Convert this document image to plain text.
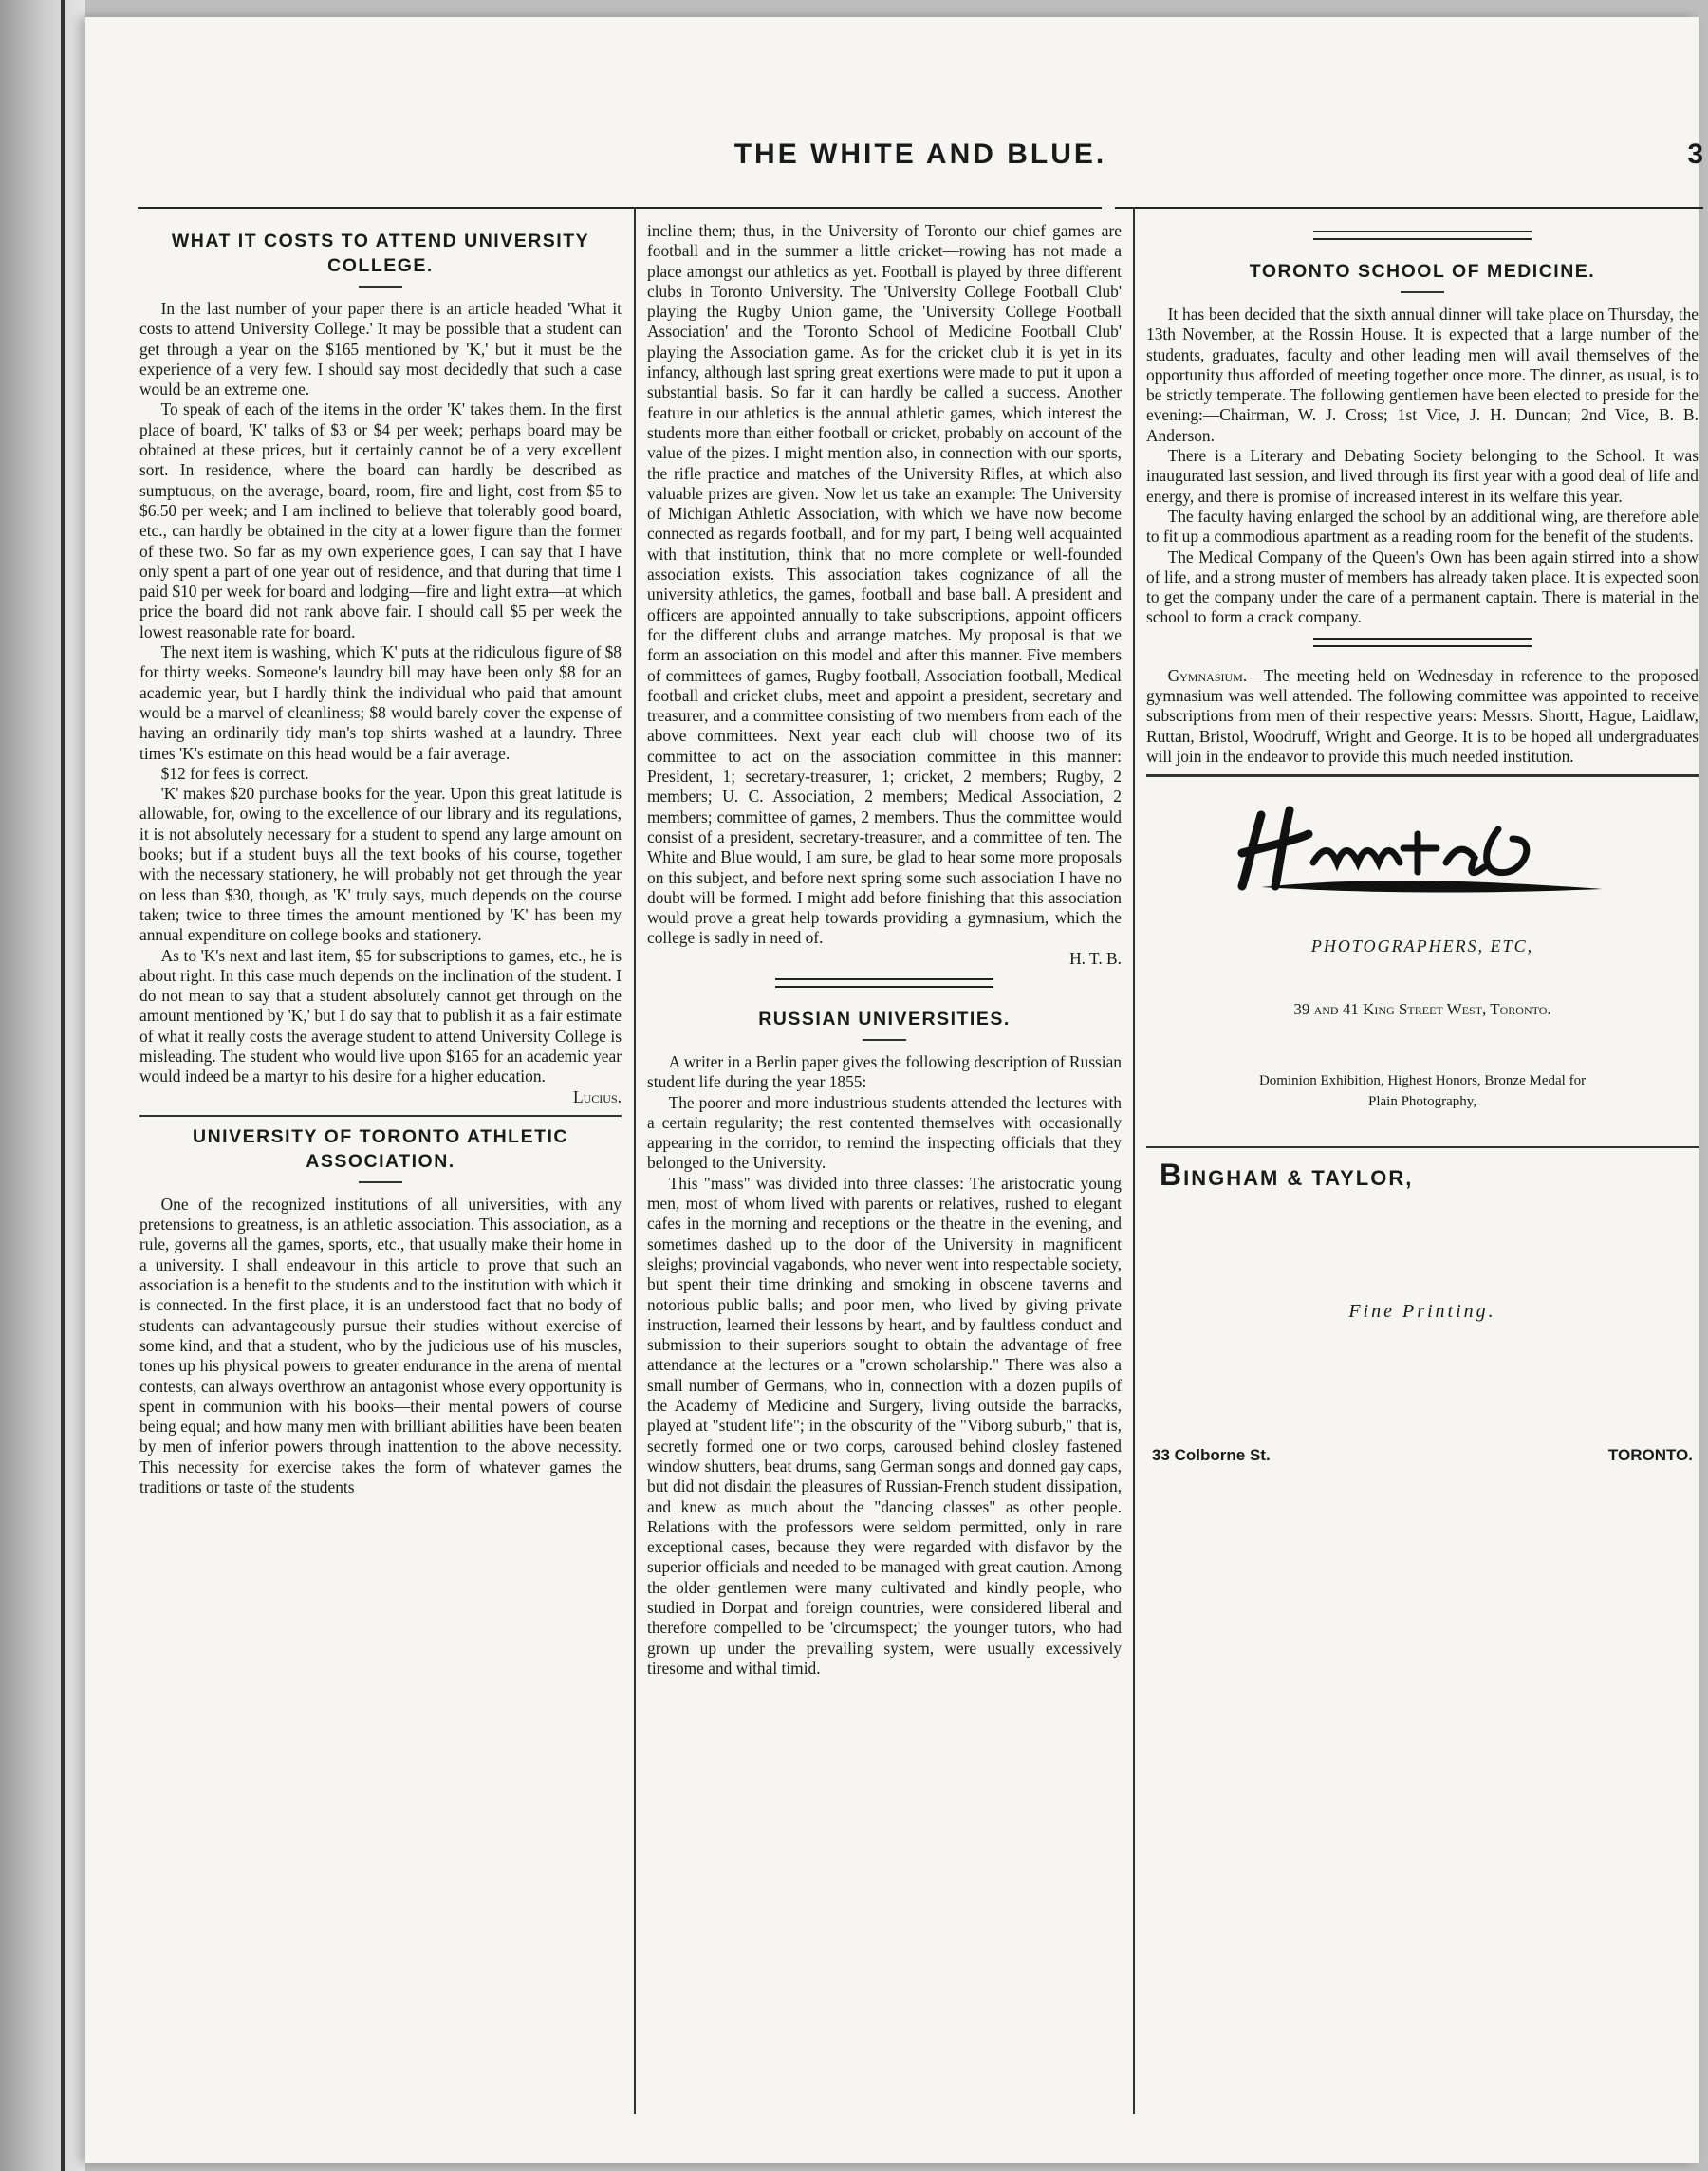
THE WHITE AND BLUE.	3
WHAT IT COSTS TO ATTEND UNIVERSITY COLLEGE.

In the last number of your paper there is an article headed 'What it costs to attend University College.' It may be possible that a student can get through a year on the $165 mentioned by 'K,' but it must be the experience of a very few. I should say most decidedly that such a case would be an extreme one.

To speak of each of the items in the order 'K' takes them. In the first place of board, 'K' talks of $3 or $4 per week; perhaps board may be obtained at these prices, but it certainly cannot be of a very excellent sort. In residence, where the board can hardly be described as sumptuous, on the average, board, room, fire and light, cost from $5 to $6.50 per week; and I am inclined to believe that tolerably good board, etc., can hardly be obtained in the city at a lower figure than the former of these two. So far as my own experience goes, I can say that I have only spent a part of one year out of residence, and that during that time I paid $10 per week for board and lodging—fire and light extra—at which price the board did not rank above fair. I should call $5 per week the lowest reasonable rate for board.

The next item is washing, which 'K' puts at the ridiculous figure of $8 for thirty weeks. Someone's laundry bill may have been only $8 for an academic year, but I hardly think the individual who paid that amount would be a marvel of cleanliness; $8 would barely cover the expense of having an ordinarily tidy man's top shirts washed at a laundry. Three times 'K's estimate on this head would be a fair average.

$12 for fees is correct.

'K' makes $20 purchase books for the year. Upon this great latitude is allowable, for, owing to the excellence of our library and its regulations, it is not absolutely necessary for a student to spend any large amount on books; but if a student buys all the text books of his course, together with the necessary stationery, he will probably not get through the year on less than $30, though, as 'K' truly says, much depends on the course taken; twice to three times the amount mentioned by 'K' has been my annual expenditure on college books and stationery.

As to 'K's next and last item, $5 for subscriptions to games, etc., he is about right. In this case much depends on the inclination of the student. I do not mean to say that a student absolutely cannot get through on the amount mentioned by 'K,' but I do say that to publish it as a fair estimate of what it really costs the average student to attend University College is misleading. The student who would live upon $165 for an academic year would indeed be a martyr to his desire for a higher education.

Lucius.
UNIVERSITY OF TORONTO ATHLETIC ASSOCIATION.

One of the recognized institutions of all universities, with any pretensions to greatness, is an athletic association. This association, as a rule, governs all the games, sports, etc., that usually make their home in a university. I shall endeavour in this article to prove that such an association is a benefit to the students and to the institution with which it is connected. In the first place, it is an understood fact that no body of students can advantageously pursue their studies without exercise of some kind, and that a student, who by the judicious use of his muscles, tones up his physical powers to greater endurance in the arena of mental contests, can always overthrow an antagonist whose every opportunity is spent in communion with his books—their mental powers of course being equal; and how many men with brilliant abilities have been beaten by men of inferior powers through inattention to the above necessity. This necessity for exercise takes the form of whatever games the traditions or taste of the students

incline them; thus, in the University of Toronto our chief games are football and in the summer a little cricket—rowing has not made a place amongst our athletics as yet. Football is played by three different clubs in Toronto University. The 'University College Football Club' playing the Rugby Union game, the 'University College Football Association' and the 'Toronto School of Medicine Football Club' playing the Association game. As for the cricket club it is yet in its infancy, although last spring great exertions were made to put it upon a substantial basis. So far it can hardly be called a success. Another feature in our athletics is the annual athletic games, which interest the students more than either football or cricket, probably on account of the value of the pizes. I might mention also, in connection with our sports, the rifle practice and matches of the University Rifles, at which also valuable prizes are given. Now let us take an example: The University of Michigan Athletic Association, with which we have now become connected as regards football, and for my part, I being well acquainted with that institution, think that no more complete or well-founded association exists. This association takes cognizance of all the university athletics, the games, football and base ball. A president and officers are appointed annually to take subscriptions, appoint officers for the different clubs and arrange matches. My proposal is that we form an association on this model and after this manner. Five members of committees of games, Rugby football, Association football, Medical football and cricket clubs, meet and appoint a president, secretary and treasurer, and a committee consisting of two members from each of the above committees. Next year each club will choose two of its committee to act on the association committee in this manner: President, 1; secretary-treasurer, 1; cricket, 2 members; Rugby, 2 members; U. C. Association, 2 members; Medical Association, 2 members; committee of games, 2 members. Thus the committee would consist of a president, secretary-treasurer, and a committee of ten. The White and Blue would, I am sure, be glad to hear some more proposals on this subject, and before next spring some such association I have no doubt will be formed. I might add before finishing that this association would prove a great help towards providing a gymnasium, which the college is sadly in need of.

H. T. B.
RUSSIAN UNIVERSITIES.

A writer in a Berlin paper gives the following description of Russian student life during the year 1855:

The poorer and more industrious students attended the lectures with a certain regularity; the rest contented themselves with occasionally appearing in the corridor, to remind the inspecting officials that they belonged to the University.

This "mass" was divided into three classes: The aristocratic young men, most of whom lived with parents or relatives, rushed to elegant cafes in the morning and receptions or the theatre in the evening, and sometimes dashed up to the door of the University in magnificent sleighs; provincial vagabonds, who never went into respectable society, but spent their time drinking and smoking in obscene taverns and notorious public balls; and poor men, who lived by giving private instruction, learned their lessons by heart, and by faultless conduct and submission to their superiors sought to obtain the advantage of free attendance at the lectures or a "crown scholarship." There was also a small number of Germans, who in, connection with a dozen pupils of the Academy of Medicine and Surgery, living outside the barracks, played at "student life"; in the obscurity of the "Viborg suburb," that is, secretly formed one or two corps, caroused behind closley fastened window shutters, beat drums, sang German songs and donned gay caps, but did not disdain the pleasures of Russian-French student dissipation, and knew as much about the "dancing classes" as other people. Relations with the professors were seldom permitted, only in rare exceptional cases, because they were regarded with disfavor by the superior officials and needed to be managed with great caution. Among the older gentlemen were many cultivated and kindly people, who studied in Dorpat and foreign countries, were considered liberal and therefore compelled to be 'circumspect;' the younger tutors, who had grown up under the prevailing system, were usually excessively tiresome and withal timid.

TORONTO SCHOOL OF MEDICINE.

It has been decided that the sixth annual dinner will take place on Thursday, the 13th November, at the Rossin House. It is expected that a large number of the students, graduates, faculty and other leading men will avail themselves of the opportunity thus afforded of meeting together once more. The dinner, as usual, is to be strictly temperate. The following gentlemen have been elected to preside for the evening:—Chairman, W. J. Cross; 1st Vice, J. H. Duncan; 2nd Vice, B. B. Anderson.

There is a Literary and Debating Society belonging to the School. It was inaugurated last session, and lived through its first year with a good deal of life and energy, and there is promise of increased interest in its welfare this year.

The faculty having enlarged the school by an additional wing, are therefore able to fit up a commodious apartment as a reading room for the benefit of the students.

The Medical Company of the Queen's Own has been again stirred into a show of life, and a strong muster of members has already taken place. It is expected soon to get the company under the care of a permanent captain. There is material in the school to form a crack company.

Gymnasium.—The meeting held on Wednesday in reference to the proposed gymnasium was well attended. The following committee was appointed to receive subscriptions from men of their respective years: Messrs. Shortt, Hague, Laidlaw, Ruttan, Bristol, Woodruff, Wright and George. It is to be hoped all undergraduates will join in the endeavor to provide this much needed institution.

PHOTOGRAPHERS, ETC,
39 and 41 King Street West, Toronto.
Dominion Exhibition, Highest Honors, Bronze Medal for
Plain Photography,
BINGHAM & TAYLOR,
Fine Printing.
33 Colborne St.	TORONTO.
